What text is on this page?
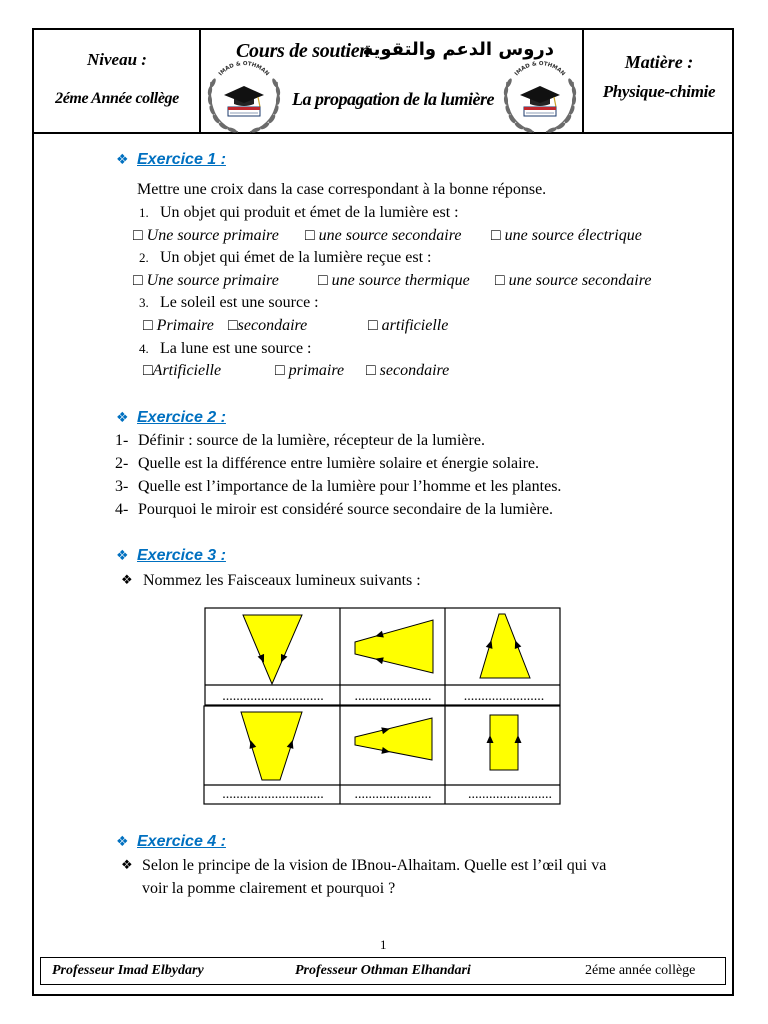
Niveau :
2éme Année collège
Cours de soutien
دروس الدعم والتقوية
La propagation de la lumière
IMAD & OTHMAN	IMAD & OTHMAN
Matière :
Physique-chimie
❖ Exercice 1 :
Mettre une croix dans la case correspondant à la bonne réponse.
1. Un objet qui produit et émet de la lumière est :
□ Une source primaire □ une source secondaire □ une source électrique
2. Un objet qui émet de la lumière reçue est :
□ Une source primaire □ une source thermique □ une source secondaire
3. Le soleil est une source :
□ Primaire □secondaire	□ artificielle
4. La lune est une source :
□Artificielle	□ primaire □ secondaire
❖ Exercice 2 :
1- Définir : source de la lumière, récepteur de la lumière.
2- Quelle est la différence entre lumière solaire et énergie solaire.
3- Quelle est l’importance de la lumière pour l’homme et les plantes.
4- Pourquoi le miroir est considéré source secondaire de la lumière.
❖ Exercice 3 :
❖ Nommez les Faisceaux lumineux suivants :
............................. ...................... .......................
............................. ......................	........................
❖ Exercice 4 :
❖ Selon le principe de la vision de IBnou-Alhaitam. Quelle est l’œil qui va
voir la pomme clairement et pourquoi ?
1
Professeur Imad Elbydary	Professeur Othman Elhandari	2éme année collège
